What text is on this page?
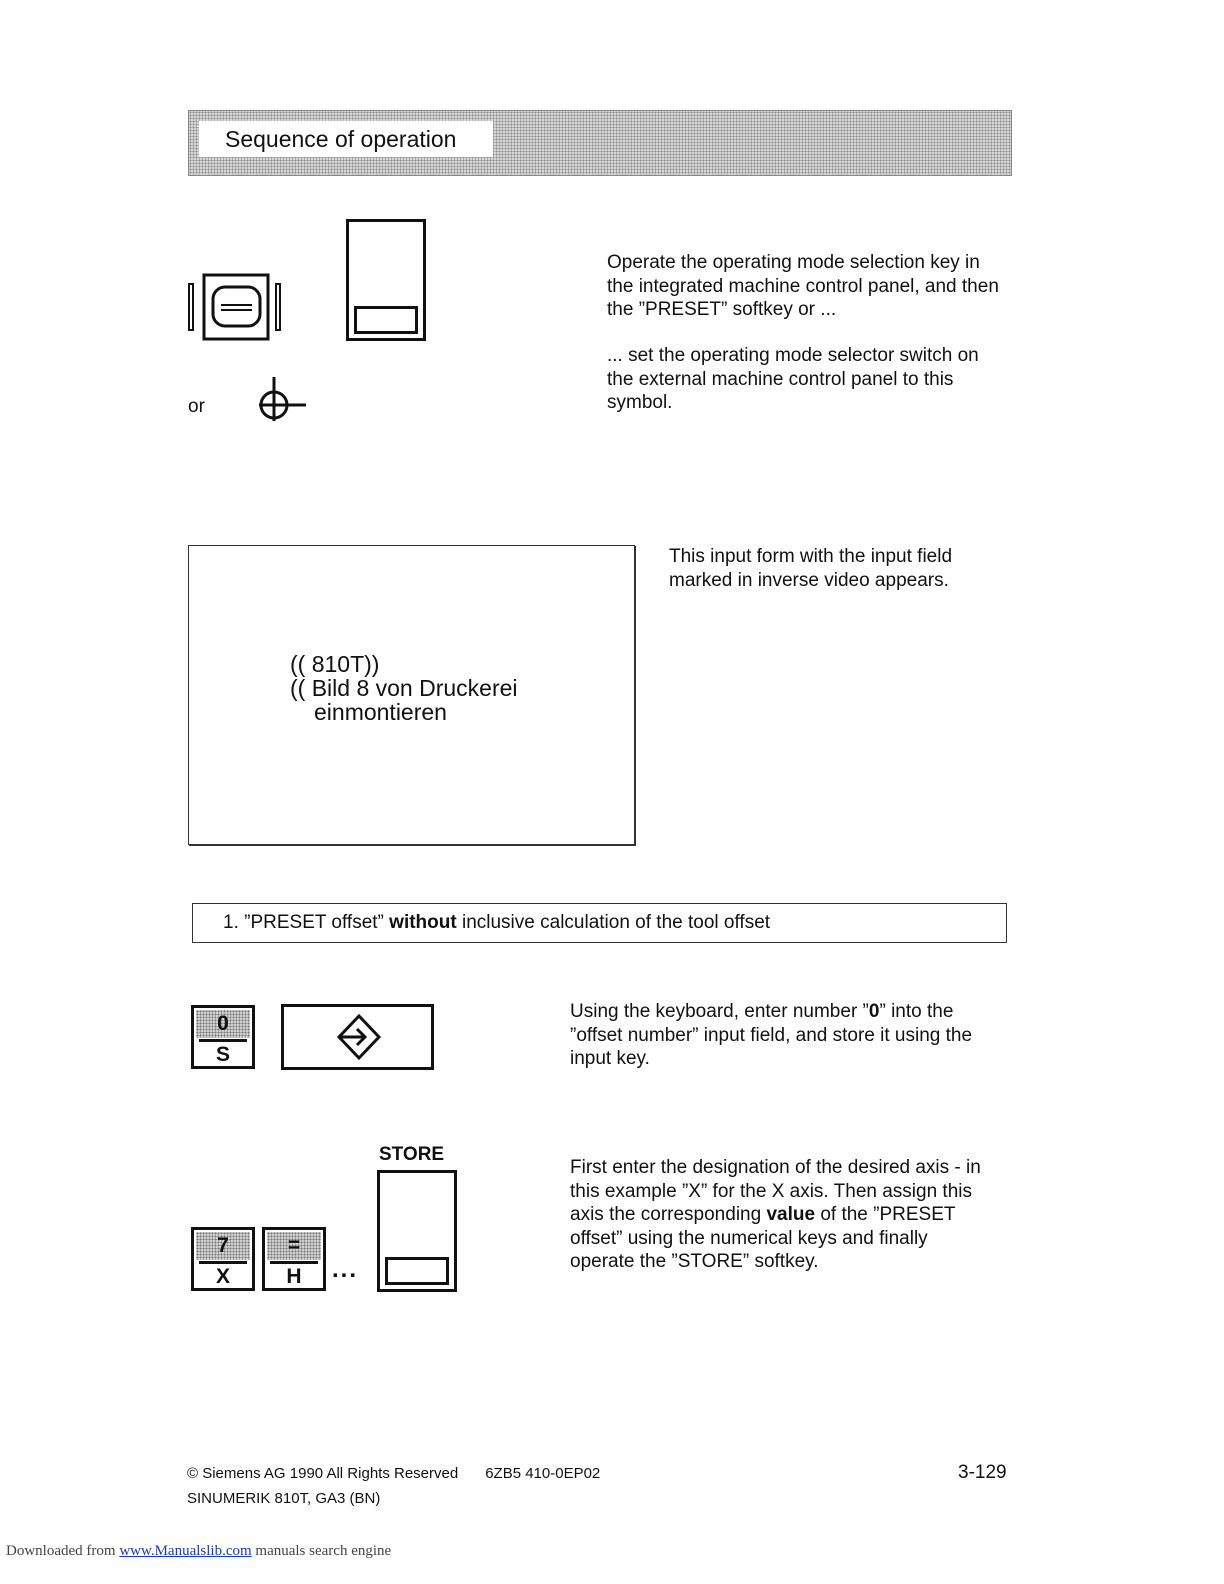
Sequence of operation
or
Operate the operating mode selection key in the integrated machine control panel, and then the ”PRESET” softkey or ...
... set the operating mode selector switch on the external machine control panel to this symbol.
(( 810T))
(( Bild 8 von Druckerei
einmontieren
This input form with the input field marked in inverse video appears.
1. ”PRESET offset” without inclusive calculation of the tool offset
0
S
Using the keyboard, enter number ”0” into the ”offset number” input field, and store it using the input key.
STORE
7
X
=
H	...
First enter the designation of the desired axis - in this example ”X” for the X axis. Then assign this axis the corresponding value of the ”PRESET offset” using the numerical keys and finally operate the ”STORE” softkey.
© Siemens AG 1990 All Rights Reserved 6ZB5 410-0EP02
SINUMERIK 810T, GA3 (BN)
3-129
Downloaded from www.Manualslib.com manuals search engine
